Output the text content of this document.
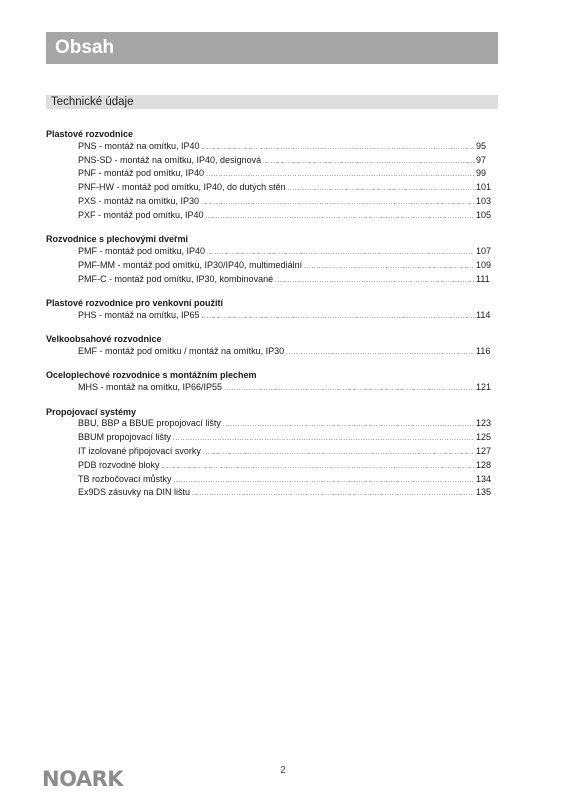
Obsah
Technické údaje
Plastové rozvodnice
PNS - montáž na omítku, IP40 .....	95
PNS-SD - montáž na omítku, IP40, designová .....	97
PNF - montáž pod omítku, IP40 .....	99
PNF-HW - montáž pod omítku, IP40, do dutých stěn .....	101
PXS - montáž na omítku, IP30 .....	103
PXF - montáž pod omítku, IP40 .....	105
Rozvodnice s plechovými dveřmi
PMF - montáž pod omítku, IP40 .....	107
PMF-MM - montáž pod omítku, IP30/IP40, multimediální .....	109
PMF-C - montáž pod omítku, IP30, kombinované .....	111
Plastové rozvodnice pro venkovní použití
PHS - montáž na omítku, IP65 .....	114
Velkoobsahové rozvodnice
EMF - montáž pod omítku / montáž na omítku, IP30 .....	116
Oceloplechové rozvodnice s montážním plechem
MHS - montáž na omítku, IP66/IP55 .....	121
Propojovací systémy
BBU, BBP a BBUE propojovací lišty .....	123
BBUM propojovací lišty .....	125
IT izolované připojovací svorky .....	127
PDB rozvodné bloky .....	128
TB rozbočovací můstky .....	134
Ex9DS zásuvky na DIN lištu .....	135
2
NOARK
